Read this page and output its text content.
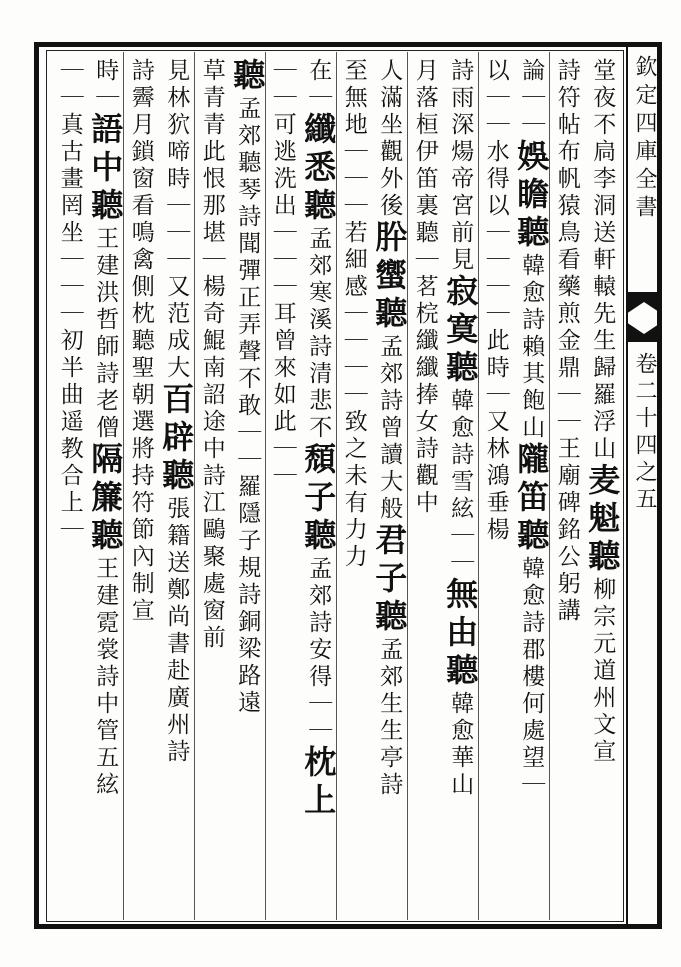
欽定四庫全書
卷二十四之五
堂夜不扃李洞送軒轅先生歸羅浮山麦魁聽柳宗元道州文宣
詩符帖布帆猿鳥看藥煎金鼎｜｜王廟碑銘公躬講
論｜｜娛瞻聽韓愈詩賴其飽山隴笛聽韓愈詩郡樓何處望｜
以｜｜水得以｜｜｜｜此時｜又林鴻垂楊
詩雨深煬帝宮前見寂寞聽韓愈詩雪絃｜｜無由聽韓愈華山
月落桓伊笛裏聽｜茗梡纖纖捧女詩觀中
人滿坐觀外後肸蠁聽孟郊詩曾讀大般君子聽孟郊生生亭詩
至無地｜｜｜若細感｜｜｜｜致之未有力力
在｜纖悉聽孟郊寒溪詩清悲不頹子聽孟郊詩安得｜｜枕上
｜｜可逃洗出｜｜｜耳曾來如此｜｜
聽孟郊聽琴詩聞彈正弄聲不敢｜｜羅隱子規詩銅梁路遠
草青青此恨那堪｜楊奇鯤南詔途中詩江鷗聚處窗前
見林狖啼時｜｜｜又范成大百辟聽張籍送鄭尚書赴廣州詩
詩霽月鎖窗看鳴禽側枕聽聖朝選將持符節內制宣
時｜語中聽王建洪哲師詩老僧隔簾聽王建霓裳詩中管五絃
｜｜真古畫罔坐｜｜｜初半曲遥教合上｜
